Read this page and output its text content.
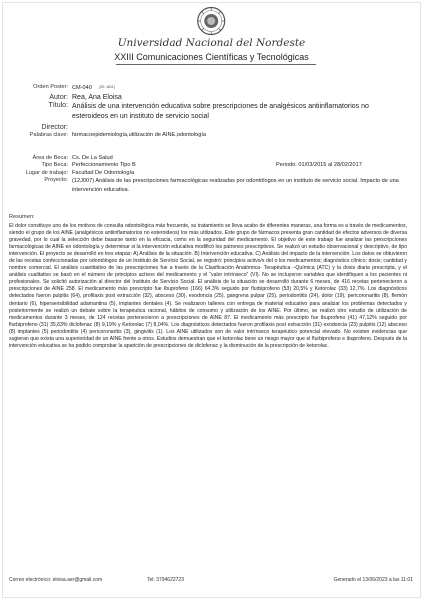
Universidad Nacional del Nordeste
XXIII Comunicaciones Científicas y Tecnológicas
Orden Poster: CM-040 [ID: 1811]
Autor: Rea, Ana Eloisa
Título: Análisis de una intervención educativa sobre prescripciones de analgésicos antiinflamatorios no esteroideos en un instituto de servicio social
Director:
Palabras clave: farmacoepidemiología,utilización de AINE,odontología
Área de Beca: Cs. De La Salud
Tipo Beca: Perfeccionamiento Tipo B	Periodo: 01/03/2015 al 28/02/2017
Lugar de trabajo: Facultad De Odontología
Proyecto: (12J007) Análisis de las prescripciones farmacológicas realizadas por odontólogos en un instituto de servicio social. Impacto de una intervención educativa.
Resumen:
El dolor constituye uno de los motivos de consulta odontológica más frecuente, su tratamiento se lleva acabo de diferentes maneras, una forma es a través de medicamentos, siendo el grupo de los AINE (analgésicos antiinflamatorios no esteroideos) los más utilizados. Este grupo de fármacos presenta gran cantidad de efectos adversos de diversa gravedad, por lo cual la selección debe basarse tanto en la eficacia, como en la seguridad del medicamento. El objetivo de este trabajo fue analizar las prescripciones farmacológicas de AINE en odontología y determinar si la intervención educativa modificó los patrones prescriptivos. Se realizó un estudio observacional y descriptivo, de tipo intervención. El proyecto se desarrolló en tres etapas: A) Análisis de la situación. B) Intervención educativa. C) Análisis del impacto de la intervención. Los datos se obtuvieron de las recetas confeccionadas por odontólogos de un Instituto de Servicio Social, se registró: principios activo/s del o los medicamentos; diagnóstico clínico; dosis; cantidad y nombre comercial. El análisis cuantitativo de las prescripciones fue a través de la Clasificación Anatómica- Terapéutica –Química (ATC) y la dosis diaria prescripta, y el análisis cualitativo se basó en el número de principios activos del medicamento y el “valor intrínseco” (VI). No se incluyeron variables que identifiquen a los pacientes ni profesionales. Se solicitó autorización al director del Instituto de Servicio Social. El análisis de la situación se desarrolló durante 6 meses, de 416 recetas pertenecieron a prescripciones de AINE 258. El medicamento más prescripto fue Ibuprofeno (166) 64,3% seguido por flurbiprofeno (53) 20,5% y Ketorolac (33) 12,7%. Los diagnósticos detectados fueron pulpitis (64), profilaxis post extracción (32), absceso (30), exodoncia (25), gangrena pulpar (25), periodontitis (24), dolor (19), pericoronaritis (8), flemón dentario (6), hipersensibilidad adamantina (5), implantes dentales (4). Se realizaron talleres con entrega de material educativo para analizar los problemas detectados y posteriormente se realizó un debate sobre la terapéutica racional, hábitos de consumo y utilización de los AINE. Por último, se realizó otro estudio de utilización de medicamentos durante 3 meses, de 124 recetas pertenecieron a prescripciones de AINE 87. El medicamento más prescripto fue Ibuprofeno (41) 47,12% seguido por flurbiprofeno (31) 35,63% diclofenac (8) 9,19% y Ketorolac (7) 8,04%. Los diagnósticos detectados fueron profilaxis post extracción (31) exodoncia (23) pulpitis (12) absceso (8) implantes (5) periodontitis (4) pericoronaritis (3), gingivitis (1). Los AINE utilizados son de valor intrínseco terapéutico potencial elevado. No existen evidencias que sugieran que exista una superioridad de un AINE frente a otros. Estudios demuestran que el ketorolac tiene un riesgo mayor que el flurbiprofeno e ibuprofeno. Después de la intervención educativa se ha podido comprobar la aparición de prescripciones de diclofenac y la disminución de la prescripción de ketorolac.
Correo electrónico: eloisa.aer@gmail.com	Tel: 3794622723	Generado el 13/06/2023 a las 11:01
